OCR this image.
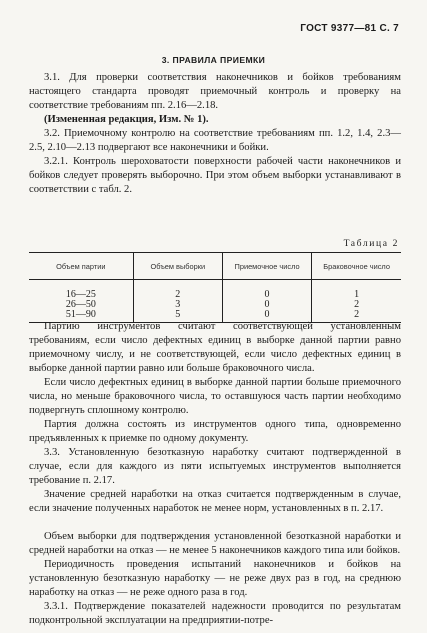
ГОСТ 9377—81 С. 7
3. ПРАВИЛА ПРИЕМКИ
3.1. Для проверки соответствия наконечников и бойков требованиям настоящего стандарта проводят приемочный контроль и проверку на соответствие требованиям пп. 2.16—2.18.
(Измененная редакция, Изм. № 1).
3.2. Приемочному контролю на соответствие требованиям пп. 1.2, 1.4, 2.3—2.5, 2.10—2.13 подвергают все наконечники и бойки.
3.2.1. Контроль шероховатости поверхности рабочей части наконечников и бойков следует проверять выборочно. При этом объем выборки устанавливают в соответствии с табл. 2.
Таблица 2
Объем партии	Объем выборки	Приемочное число	Браковочное число

16—25	2	0	1
26—50	3	0	2
51—90	5	0	2
Партию инструментов считают соответствующей установленным требованиям, если число дефектных единиц в выборке данной партии равно приемочному числу, и не соответствующей, если число дефектных единиц в выборке данной партии равно или больше браковочного числа.
Если число дефектных единиц в выборке данной партии больше приемочного числа, но меньше браковочного числа, то оставшуюся часть партии необходимо подвергнуть сплошному контролю.
Партия должна состоять из инструментов одного типа, одновременно предъявленных к приемке по одному документу.
3.3. Установленную безотказную наработку считают подтвержденной в случае, если для каждого из пяти испытуемых инструментов выполняется требование п. 2.17.
Значение средней наработки на отказ считается подтвержденным в случае, если значение полученных наработок не менее норм, установленных в п. 2.17.
Объем выборки для подтверждения установленной безотказной наработки и средней наработки на отказ — не менее 5 наконечников каждого типа или бойков.
Периодичность проведения испытаний наконечников и бойков на установленную безотказную наработку — не реже двух раз в год, на среднюю наработку на отказ — не реже одного раза в год.
3.3.1. Подтверждение показателей надежности проводится по результатам подконтрольной эксплуатации на предприятии-потре-
